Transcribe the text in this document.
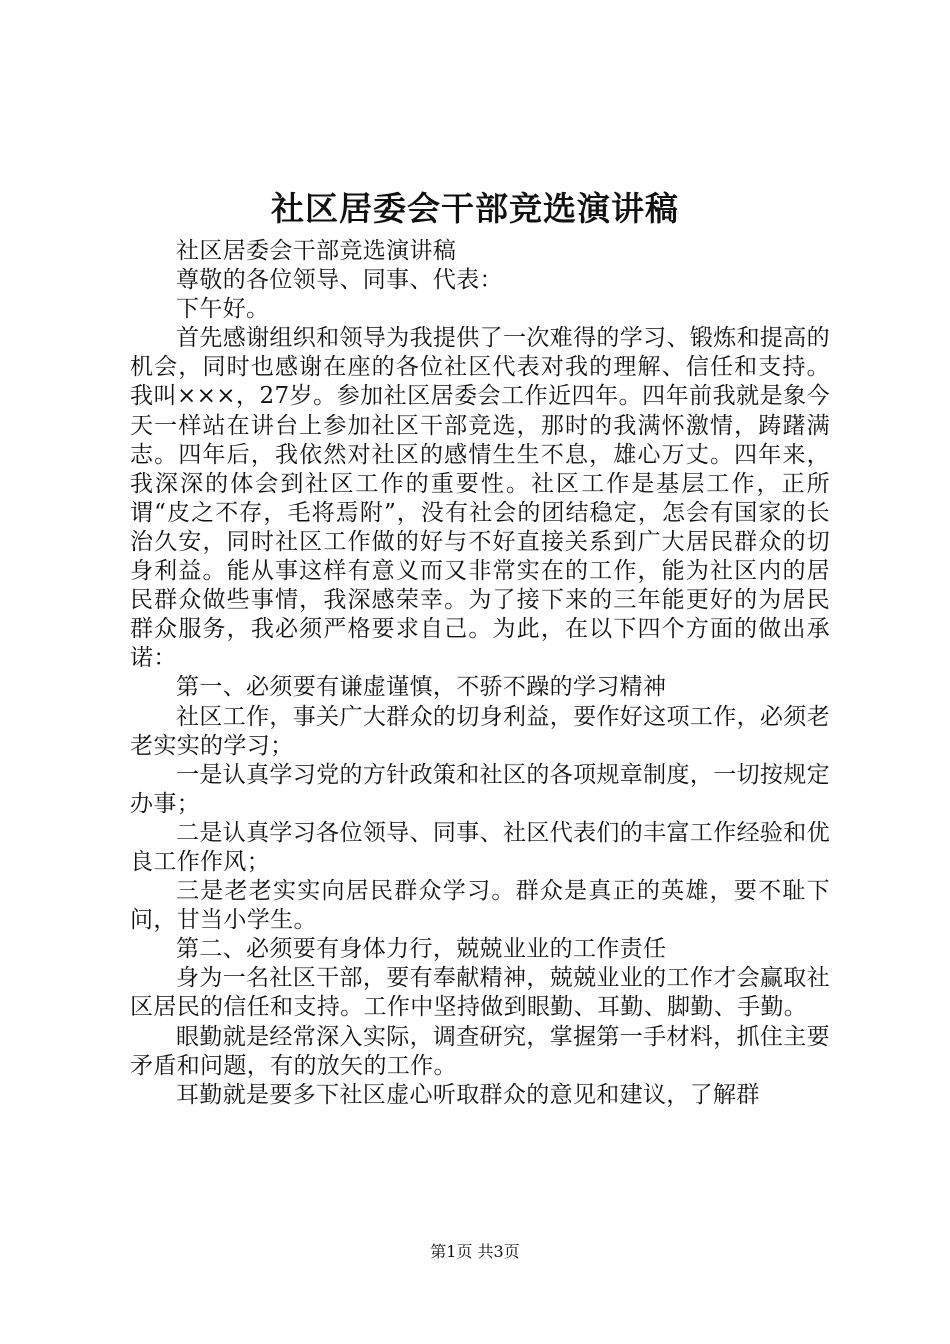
社区居委会干部竞选演讲稿

社区居委会干部竞选演讲稿

尊敬的各位领导、同事、代表：

下午好。

首先感谢组织和领导为我提供了一次难得的学习、锻炼和提高的机会，同时也感谢在座的各位社区代表对我的理解、信任和支持。我叫×××，27岁。参加社区居委会工作近四年。四年前我就是象今天一样站在讲台上参加社区干部竞选，那时的我满怀激情，踌躇满志。四年后，我依然对社区的感情生生不息，雄心万丈。四年来，我深深的体会到社区工作的重要性。社区工作是基层工作，正所谓“皮之不存，毛将焉附”，没有社会的团结稳定，怎会有国家的长治久安，同时社区工作做的好与不好直接关系到广大居民群众的切身利益。能从事这样有意义而又非常实在的工作，能为社区内的居民群众做些事情，我深感荣幸。为了接下来的三年能更好的为居民群众服务，我必须严格要求自己。为此，在以下四个方面的做出承诺：

第一、必须要有谦虚谨慎，不骄不躁的学习精神

社区工作，事关广大群众的切身利益，要作好这项工作，必须老老实实的学习；

一是认真学习党的方针政策和社区的各项规章制度，一切按规定办事；

二是认真学习各位领导、同事、社区代表们的丰富工作经验和优良工作作风；

三是老老实实向居民群众学习。群众是真正的英雄，要不耻下问，甘当小学生。

第二、必须要有身体力行，兢兢业业的工作责任

身为一名社区干部，要有奉献精神，兢兢业业的工作才会赢取社区居民的信任和支持。工作中坚持做到眼勤、耳勤、脚勤、手勤。

眼勤就是经常深入实际，调查研究，掌握第一手材料，抓住主要矛盾和问题，有的放矢的工作。

耳勤就是要多下社区虚心听取群众的意见和建议，了解群

第1页 共3页
